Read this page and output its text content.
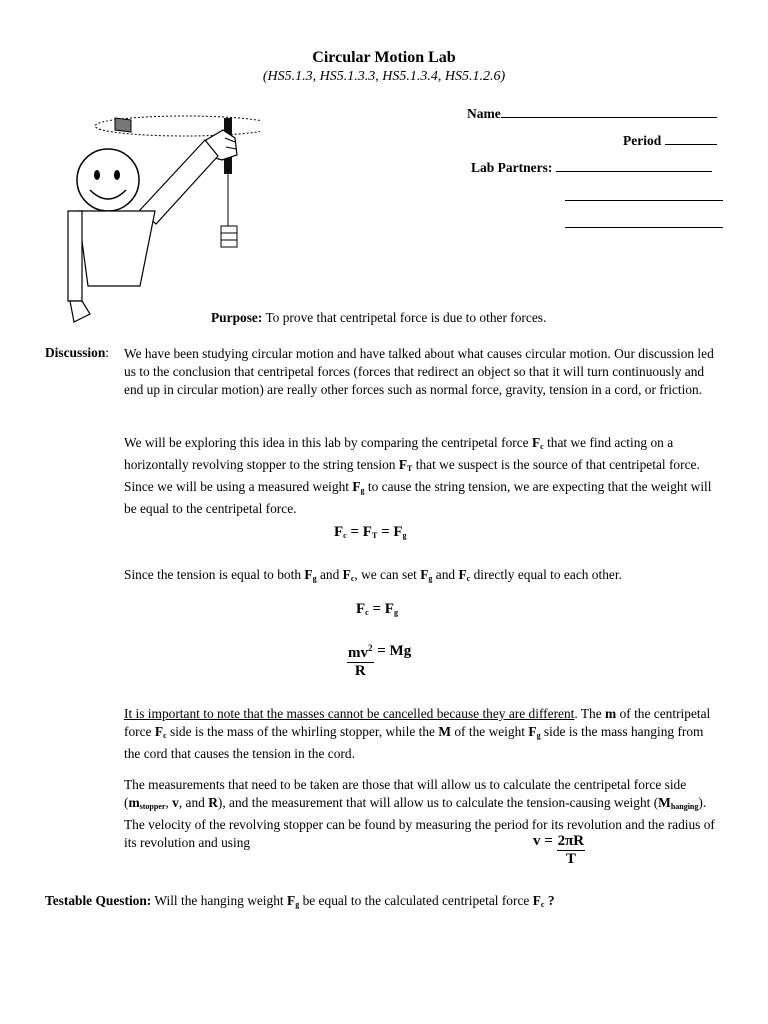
Circular Motion Lab
(HS5.1.3, HS5.1.3.3, HS5.1.3.4, HS5.1.2.6)
Name
Period
Lab Partners:
Purpose: To prove that centripetal force is due to other forces.
Discussion: We have been studying circular motion and have talked about what causes circular motion. Our discussion led us to the conclusion that centripetal forces (forces that redirect an object so that it will turn continuously and end up in circular motion) are really other forces such as normal force, gravity, tension in a cord, or friction.
We will be exploring this idea in this lab by comparing the centripetal force $F_c$ that we find acting on a horizontally revolving stopper to the string tension $F_T$ that we suspect is the source of that centripetal force. Since we will be using a measured weight $F_g$ to cause the string tension, we are expecting that the weight will be equal to the centripetal force.
$F_c = F_T = F_g$
Since the tension is equal to both $F_g$ and $F_c$, we can set $F_g$ and $F_c$ directly equal to each other.
$F_c = F_g$
$\frac{mv^2}{R} = Mg$
It is important to note that the masses cannot be cancelled because they are different. The m of the centripetal force $F_c$ side is the mass of the whirling stopper, while the M of the weight $F_g$ side is the mass hanging from the cord that causes the tension in the cord.
The measurements that need to be taken are those that will allow us to calculate the centripetal force side ($m_{stopper}$, v, and R), and the measurement that will allow us to calculate the tension-causing weight $(M_{hanging})$. The velocity of the revolving stopper can be found by measuring the period for its revolution and the radius of its revolution and using	$v = \frac{2\pi R}{T}$
Testable Question: Will the hanging weight $F_g$ be equal to the calculated centripetal force $F_c$ ?
